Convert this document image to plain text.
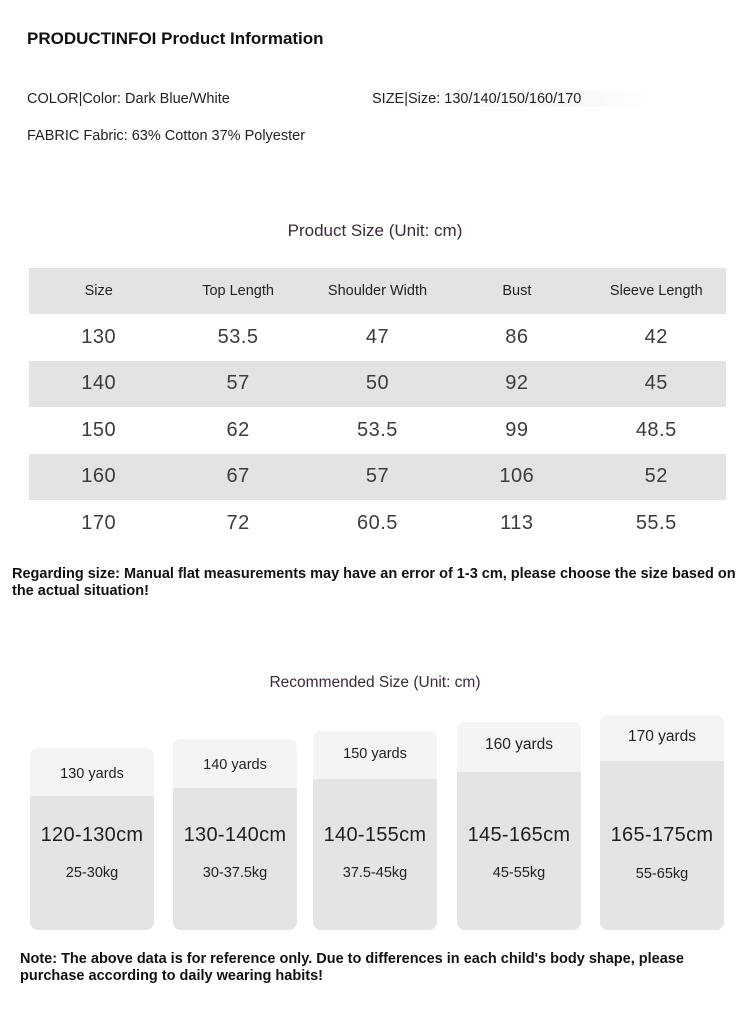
PRODUCTINFOI Product Information
COLOR|Color: Dark Blue/White	SIZE|Size: 130/140/150/160/170
FABRIC Fabric: 63% Cotton 37% Polyester
Product Size (Unit: cm)
Size	Top Length	Shoulder Width	Bust	Sleeve Length
130	53.5	47	86	42
140	57	50	92	45
150	62	53.5	99	48.5
160	67	57	106	52
170	72	60.5	113	55.5
Regarding size: Manual flat measurements may have an error of 1-3 cm, please choose the size based on the actual situation!
Recommended Size (Unit: cm)
130 yards
120-130cm
25-30kg
140 yards
130-140cm
30-37.5kg
150 yards
140-155cm
37.5-45kg
160 yards
145-165cm
45-55kg
170 yards
165-175cm
55-65kg
Note: The above data is for reference only. Due to differences in each child's body shape, please purchase according to daily wearing habits!
